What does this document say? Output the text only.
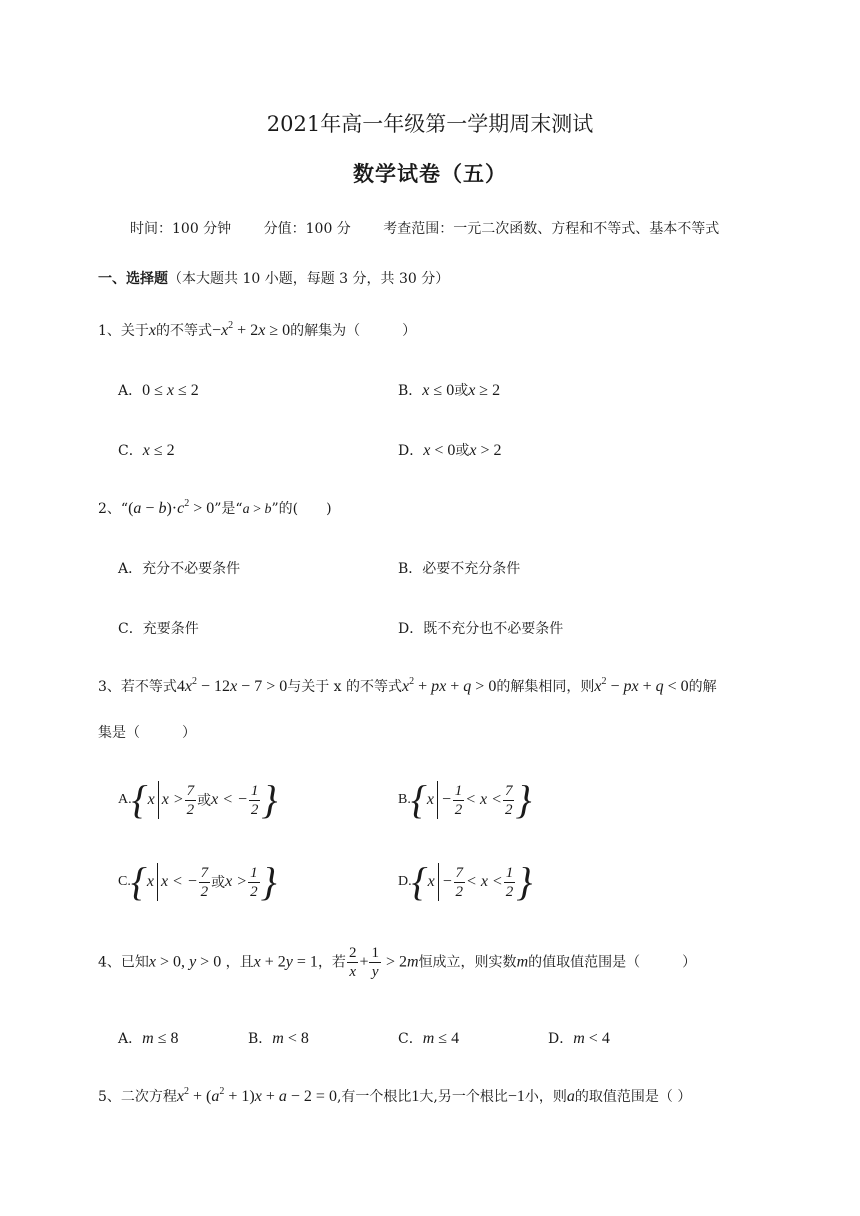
2021年高一年级第一学期周末测试
数学试卷（五）
时间：100 分钟 分值：100 分 考查范围：一元二次函数、方程和不等式、基本不等式
一、选择题（本大题共 10 小题，每题 3 分，共 30 分）
1、关于x的不等式$-x^2 + 2x \ge 0$的解集为（　　　）
A．0 ≤ x ≤ 2	B．x ≤ 0或x ≥ 2
C．x ≤ 2	D．x < 0或x > 2
2、“$(a - b)\cdot c^2 > 0$”是“a > b”的(　　)
A．充分不必要条件	B．必要不充分条件
C．充要条件	D．既不充分也不必要条件
3、若不等式$4x^2 - 12x - 7 > 0$与关于 x 的不等式$x^2$ + px + q > 0的解集相同，则$x^2$ − px + q < 0的解
集是（　　　）
A. { x $x > \frac{7}{2}$ 或 x < − $\frac{1}{2}$ }	B. { $x - \frac{1}{2} < x < \frac{7}{2}$ }
C. { x x < − $\frac{7}{2}$ 或 $x > \frac{1}{2}$ }	D. { $x - \frac{7}{2} < x < \frac{1}{2}$ }
4、已知x > 0, y > 0 ，且x + 2y = 1，若 $\frac{2}{x} + \frac{1}{y} > 2m$恒成立，则实数m的值取值范围是（　　　）
A．m ≤ 8	B．m < 8	C．m ≤ 4	D．m < 4
5、二次方程$x^2 + (a^2 + 1)x + a - 2 = 0$,有一个根比1大,另一个根比−1小，则a的取值范围是（ ）
